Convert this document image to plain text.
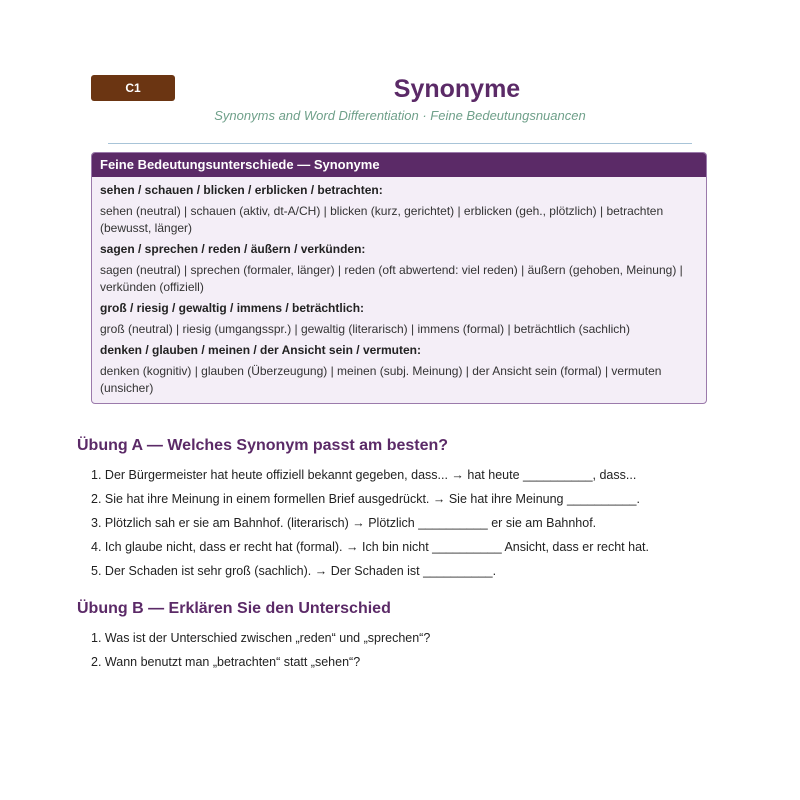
C1	Synonyme
Synonyms and Word Differentiation · Feine Bedeutungsnuancen
Feine Bedeutungsunterschiede — Synonyme
sehen / schauen / blicken / erblicken / betrachten:
sehen (neutral) | schauen (aktiv, dt-A/CH) | blicken (kurz, gerichtet) | erblicken (geh., plötzlich) | betrachten (bewusst, länger)
sagen / sprechen / reden / äußern / verkünden:
sagen (neutral) | sprechen (formaler, länger) | reden (oft abwertend: viel reden) | äußern (gehoben, Meinung) | verkünden (offiziell)
groß / riesig / gewaltig / immens / beträchtlich:
groß (neutral) | riesig (umgangsspr.) | gewaltig (literarisch) | immens (formal) | beträchtlich (sachlich)
denken / glauben / meinen / der Ansicht sein / vermuten:
denken (kognitiv) | glauben (Überzeugung) | meinen (subj. Meinung) | der Ansicht sein (formal) | vermuten (unsicher)
Übung A — Welches Synonym passt am besten?
1. Der Bürgermeister hat heute offiziell bekannt gegeben, dass... → hat heute __________, dass...
2. Sie hat ihre Meinung in einem formellen Brief ausgedrückt. → Sie hat ihre Meinung __________.
3. Plötzlich sah er sie am Bahnhof. (literarisch) → Plötzlich __________ er sie am Bahnhof.
4. Ich glaube nicht, dass er recht hat (formal). → Ich bin nicht __________ Ansicht, dass er recht hat.
5. Der Schaden ist sehr groß (sachlich). → Der Schaden ist __________.
Übung B — Erklären Sie den Unterschied
1. Was ist der Unterschied zwischen „reden“ und „sprechen“?
2. Wann benutzt man „betrachten“ statt „sehen“?
